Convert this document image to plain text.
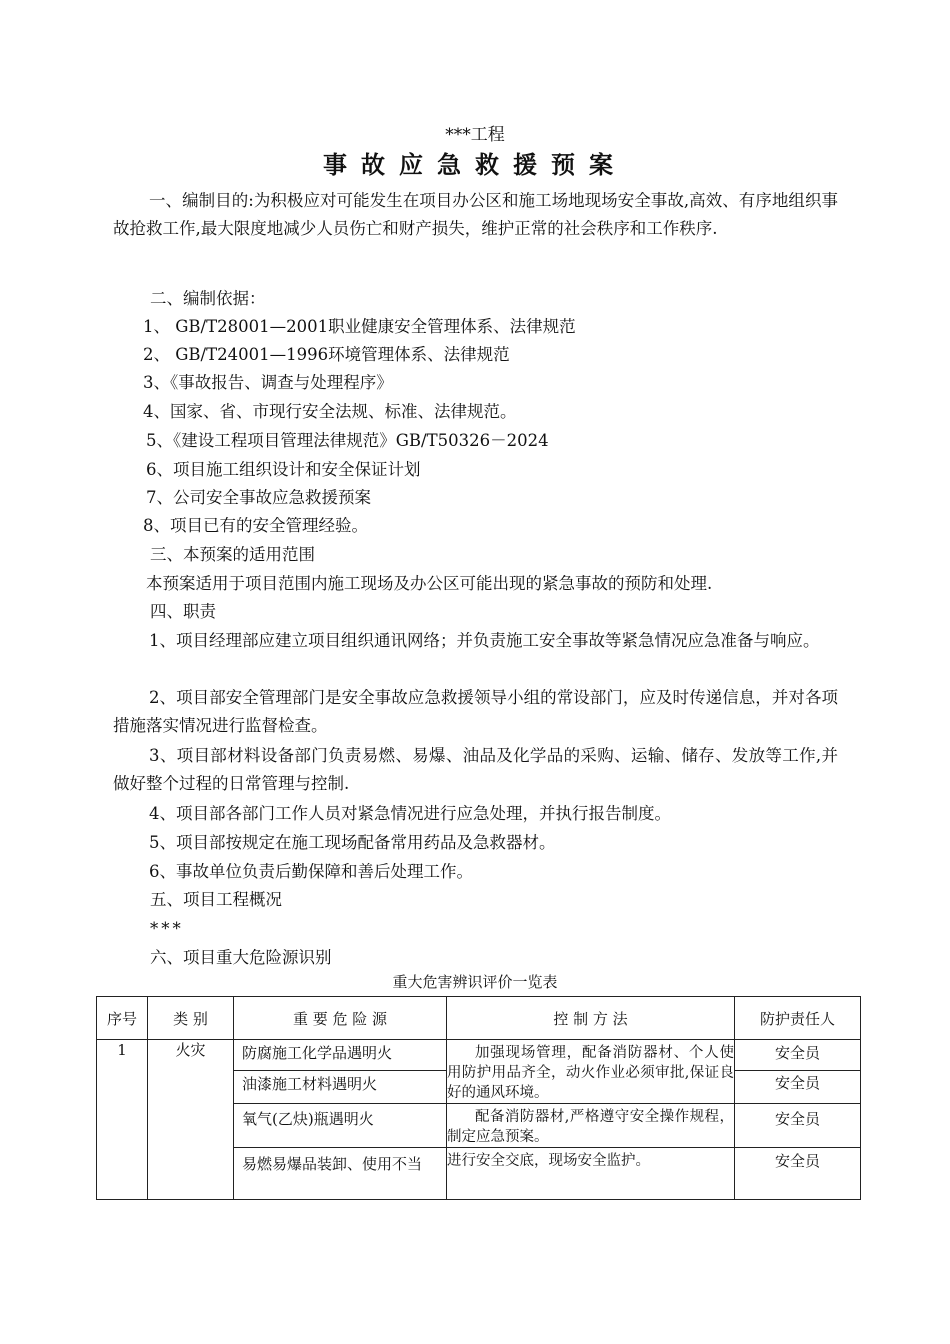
***工程
事故应急救援预案
一、编制目的:为积极应对可能发生在项目办公区和施工场地现场安全事故,高效、有序地组织事故抢救工作,最大限度地减少人员伤亡和财产损失，维护正常的社会秩序和工作秩序.
二、编制依据：
1、 GB/T28001—2001职业健康安全管理体系、法律规范
2、 GB/T24001—1996环境管理体系、法律规范
3、《事故报告、调查与处理程序》
4、国家、省、市现行安全法规、标准、法律规范。
5、《建设工程项目管理法律规范》GB/T50326－2024
6、项目施工组织设计和安全保证计划
7、公司安全事故应急救援预案
8、项目已有的安全管理经验。
三、本预案的适用范围
本预案适用于项目范围内施工现场及办公区可能出现的紧急事故的预防和处理.
四、职责
1、项目经理部应建立项目组织通讯网络；并负责施工安全事故等紧急情况应急准备与响应。
2、项目部安全管理部门是安全事故应急救援领导小组的常设部门，应及时传递信息，并对各项措施落实情况进行监督检查。
3、项目部材料设备部门负责易燃、易爆、油品及化学品的采购、运输、储存、发放等工作,并做好整个过程的日常管理与控制.
4、项目部各部门工作人员对紧急情况进行应急处理，并执行报告制度。
5、项目部按规定在施工现场配备常用药品及急救器材。
6、事故单位负责后勤保障和善后处理工作。
五、项目工程概况
***
六、项目重大危险源识别
重大危害辨识评价一览表
序号	类 别	重 要 危 险 源	控 制 方 法	防护责任人
1	火灾	防腐施工化学品遇明火	加强现场管理，配备消防器材、个人使用防护用品齐全，动火作业必须审批,保证良好的通风环境。	安全员
		油漆施工材料遇明火		安全员
		氧气(乙炔)瓶遇明火	配备消防器材,严格遵守安全操作规程，制定应急预案。	安全员
		易燃易爆品装卸、使用不当	进行安全交底，现场安全监护。	安全员
